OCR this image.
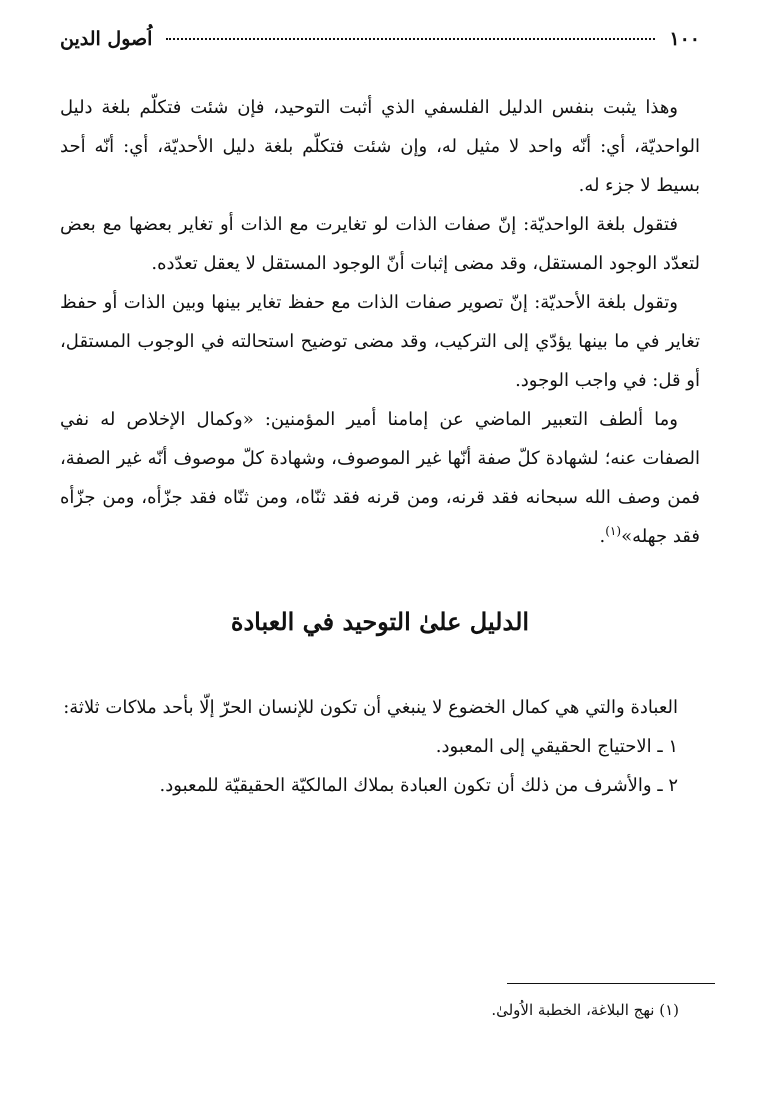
١٠٠
اُصول الدين

وهذا يثبت بنفس الدليل الفلسفي الذي أثبت التوحيد، فإن شئت فتكلّم بلغة دليل الواحديّة، أي: أنّه واحد لا مثيل له، وإن شئت فتكلّم بلغة دليل الأحديّة، أي: أنّه أحد بسيط لا جزء له.

فتقول بلغة الواحديّة: إنّ صفات الذات لو تغايرت مع الذات أو تغاير بعضها مع بعض لتعدّد الوجود المستقل، وقد مضى إثبات أنّ الوجود المستقل لا يعقل تعدّده.

وتقول بلغة الأحديّة: إنّ تصوير صفات الذات مع حفظ تغاير بينها وبين الذات أو حفظ تغاير في ما بينها يؤدّي إلى التركيب، وقد مضى توضيح استحالته في الوجوب المستقل، أو قل: في واجب الوجود.

وما ألطف التعبير الماضي عن إمامنا أمير المؤمنين‏: «وكمال الإخلاص له نفي الصفات عنه؛ لشهادة كلّ صفة أنّها غير الموصوف، وشهادة كلّ موصوف أنّه غير الصفة، فمن وصف الله سبحانه فقد قرنه، ومن قرنه فقد ثنّاه، ومن ثنّاه فقد جزّأه، ومن جزّأه فقد جهله»$^{(١)}$.

الدليل علىٰ التوحيد في العبادة

العبادة والتي هي كمال الخضوع لا ينبغي أن تكون للإنسان الحرّ إلّا بأحد ملاكات ثلاثة:

١ ـ الاحتياج الحقيقي إلى المعبود.
٢ ـ والأشرف من ذلك أن تكون العبادة بملاك المالكيّة الحقيقيّة للمعبود.
(١) نهج البلاغة، الخطبة الاُولىٰ.
